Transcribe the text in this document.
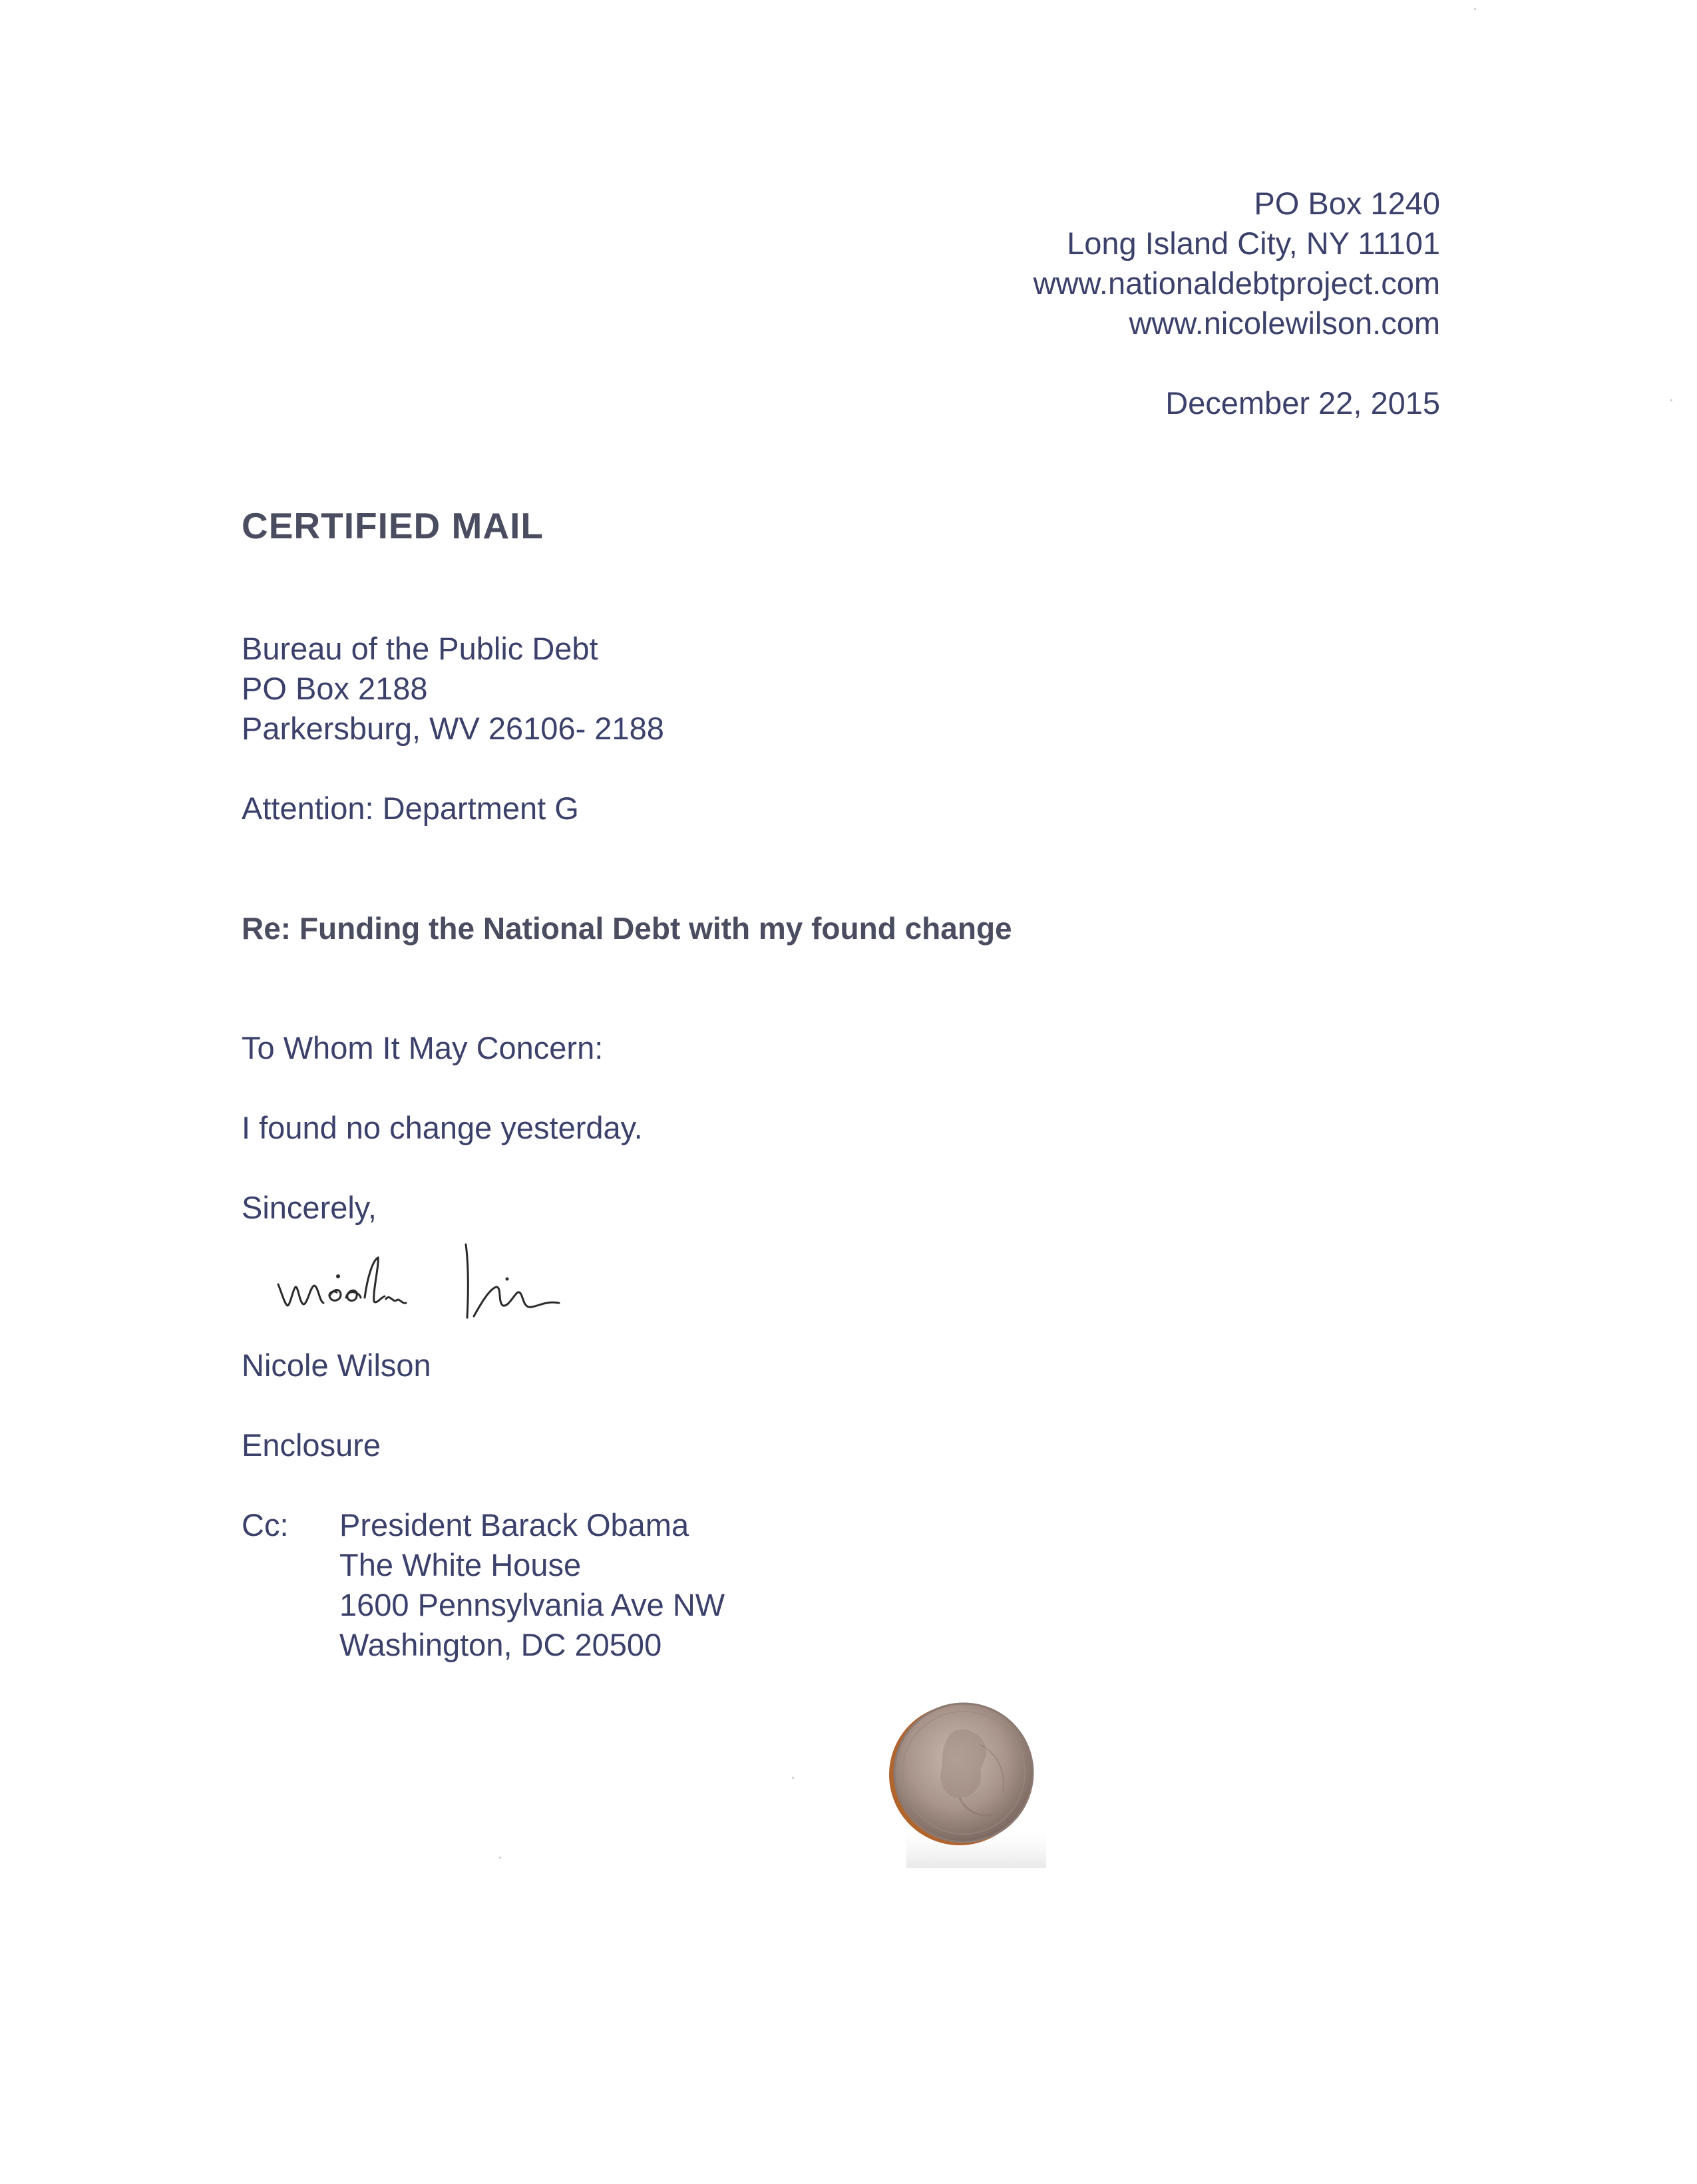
PO Box 1240
Long Island City, NY 11101
www.nationaldebtproject.com
www.nicolewilson.com
December 22, 2015
CERTIFIED MAIL
Bureau of the Public Debt
PO Box 2188
Parkersburg, WV 26106- 2188
Attention: Department G
Re: Funding the National Debt with my found change
To Whom It May Concern:
I found no change yesterday.
Sincerely,
Nicole Wilson
Enclosure
Cc: President Barack Obama
The White House
1600 Pennsylvania Ave NW
Washington, DC 20500
